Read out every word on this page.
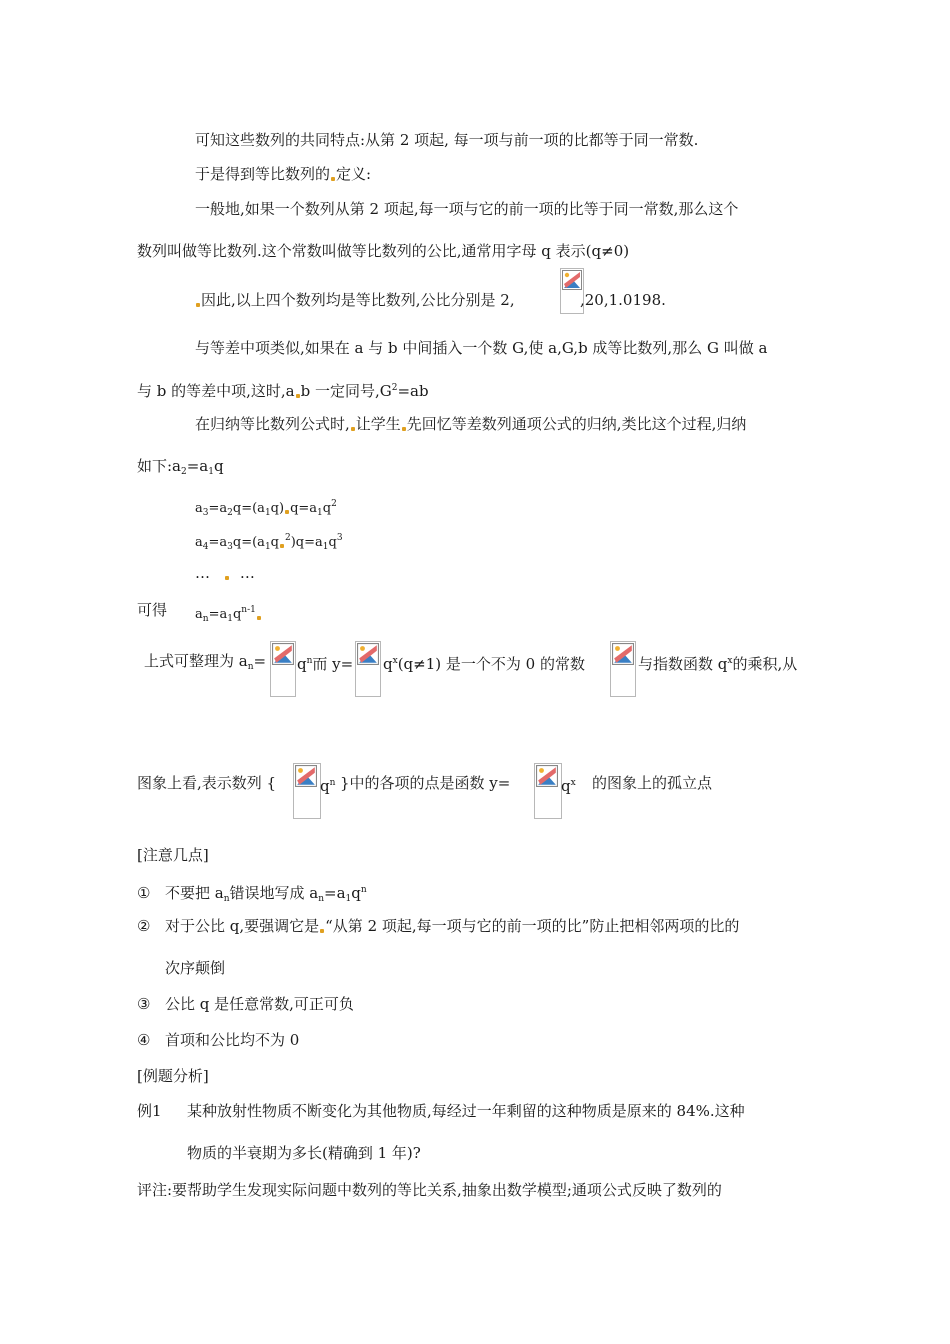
可知这些数列的共同特点:从第 2 项起, 每一项与前一项的比都等于同一常数.
于是得到等比数列的 定义:
一般地,如果一个数列从第 2 项起,每一项与它的前一项的比等于同一常数,那么这个
数列叫做等比数列.这个常数叫做等比数列的公比,通常用字母 q 表示(q≠0)
因此,以上四个数列均是等比数列,公比分别是 2,	,20,1.0198.
与等差中项类似,如果在 a 与 b 中间插入一个数 G,使 a,G,b 成等比数列,那么 G 叫做 a
与 b 的等差中项,这时,a b 一定同号$,G^2=ab$
在归纳等比数列公式时, 让学生 先回忆等差数列通项公式的归纳,类比这个过程,归纳
如下$:a_2=a_1q$
$a_3=a_2q=(a_1q)$ $q=a_1q^2$
$a_4=a_3q=(a_1q$ $^2)q=a_1q^3$
… …
可得 $a_n=a_1q^{n-1}$
上式可整理为 $a_n= q^n$而 $y= q^x(q\ne 1)$ 是一个不为 0 的常数	与指数函数 $q^x$的乘积,从
图象上看,表示数列 {	$q^n$ }中的各项的点是函数 y=	$q^x$ 的图象上的孤立点
[注意几点]
① 不要把 $a_n$错误地写成 $a_n=a_1q^n$
② 对于公比 q,要强调它是 “从第 2 项起,每一项与它的前一项的比”防止把相邻两项的比的
次序颠倒
③ 公比 q 是任意常数,可正可负
④ 首项和公比均不为 0
[例题分析]
例1 某种放射性物质不断变化为其他物质,每经过一年剩留的这种物质是原来的 84%.这种
物质的半衰期为多长(精确到 1 年)?
评注:要帮助学生发现实际问题中数列的等比关系,抽象出数学模型;通项公式反映了数列的
